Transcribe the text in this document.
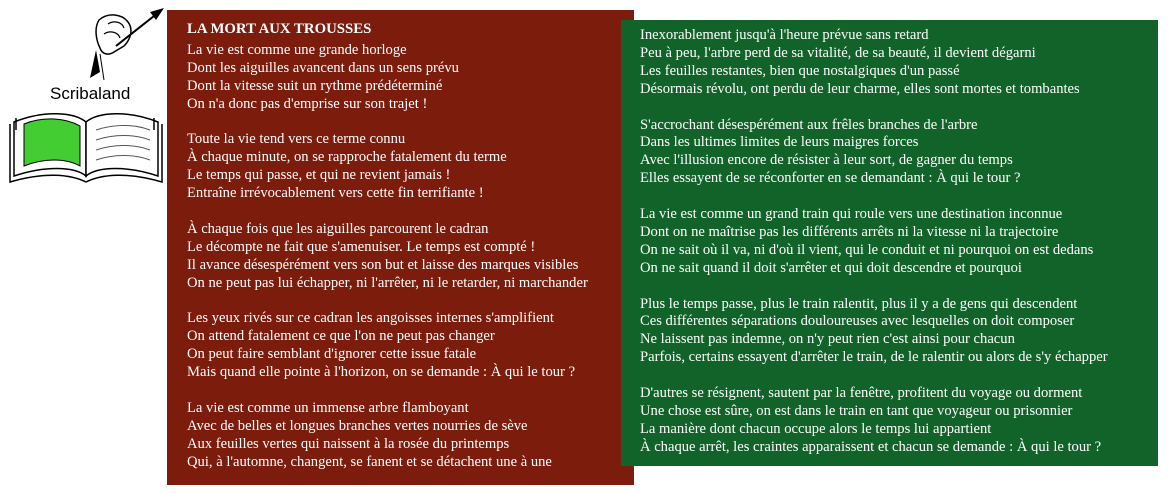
Scribaland
LA MORT AUX TROUSSES
La vie est comme une grande horloge
Dont les aiguilles avancent dans un sens prévu
Dont la vitesse suit un rythme prédéterminé
On n'a donc pas d'emprise sur son trajet !
Toute la vie tend vers ce terme connu
À chaque minute, on se rapproche fatalement du terme
Le temps qui passe, et qui ne revient jamais !
Entraîne irrévocablement vers cette fin terrifiante !
À chaque fois que les aiguilles parcourent le cadran
Le décompte ne fait que s'amenuiser. Le temps est compté !
Il avance désespérément vers son but et laisse des marques visibles
On ne peut pas lui échapper, ni l'arrêter, ni le retarder, ni marchander
Les yeux rivés sur ce cadran les angoisses internes s'amplifient
On attend fatalement ce que l'on ne peut pas changer
On peut faire semblant d'ignorer cette issue fatale
Mais quand elle pointe à l'horizon, on se demande : À qui le tour ?
La vie est comme un immense arbre flamboyant
Avec de belles et longues branches vertes nourries de sève
Aux feuilles vertes qui naissent à la rosée du printemps
Qui, à l'automne, changent, se fanent et se détachent une à une
Inexorablement jusqu'à l'heure prévue sans retard
Peu à peu, l'arbre perd de sa vitalité, de sa beauté, il devient dégarni
Les feuilles restantes, bien que nostalgiques d'un passé
Désormais révolu, ont perdu de leur charme, elles sont mortes et tombantes
S'accrochant désespérément aux frêles branches de l'arbre
Dans les ultimes limites de leurs maigres forces
Avec l'illusion encore de résister à leur sort, de gagner du temps
Elles essayent de se réconforter en se demandant : À qui le tour ?
La vie est comme un grand train qui roule vers une destination inconnue
Dont on ne maîtrise pas les différents arrêts ni la vitesse ni la trajectoire
On ne sait où il va, ni d'où il vient, qui le conduit et ni pourquoi on est dedans
On ne sait quand il doit s'arrêter et qui doit descendre et pourquoi
Plus le temps passe, plus le train ralentit, plus il y a de gens qui descendent
Ces différentes séparations douloureuses avec lesquelles on doit composer
Ne laissent pas indemne, on n'y peut rien c'est ainsi pour chacun
Parfois, certains essayent d'arrêter le train, de le ralentir ou alors de s'y échapper
D'autres se résignent, sautent par la fenêtre, profitent du voyage ou dorment
Une chose est sûre, on est dans le train en tant que voyageur ou prisonnier
La manière dont chacun occupe alors le temps lui appartient
À chaque arrêt, les craintes apparaissent et chacun se demande : À qui le tour ?
